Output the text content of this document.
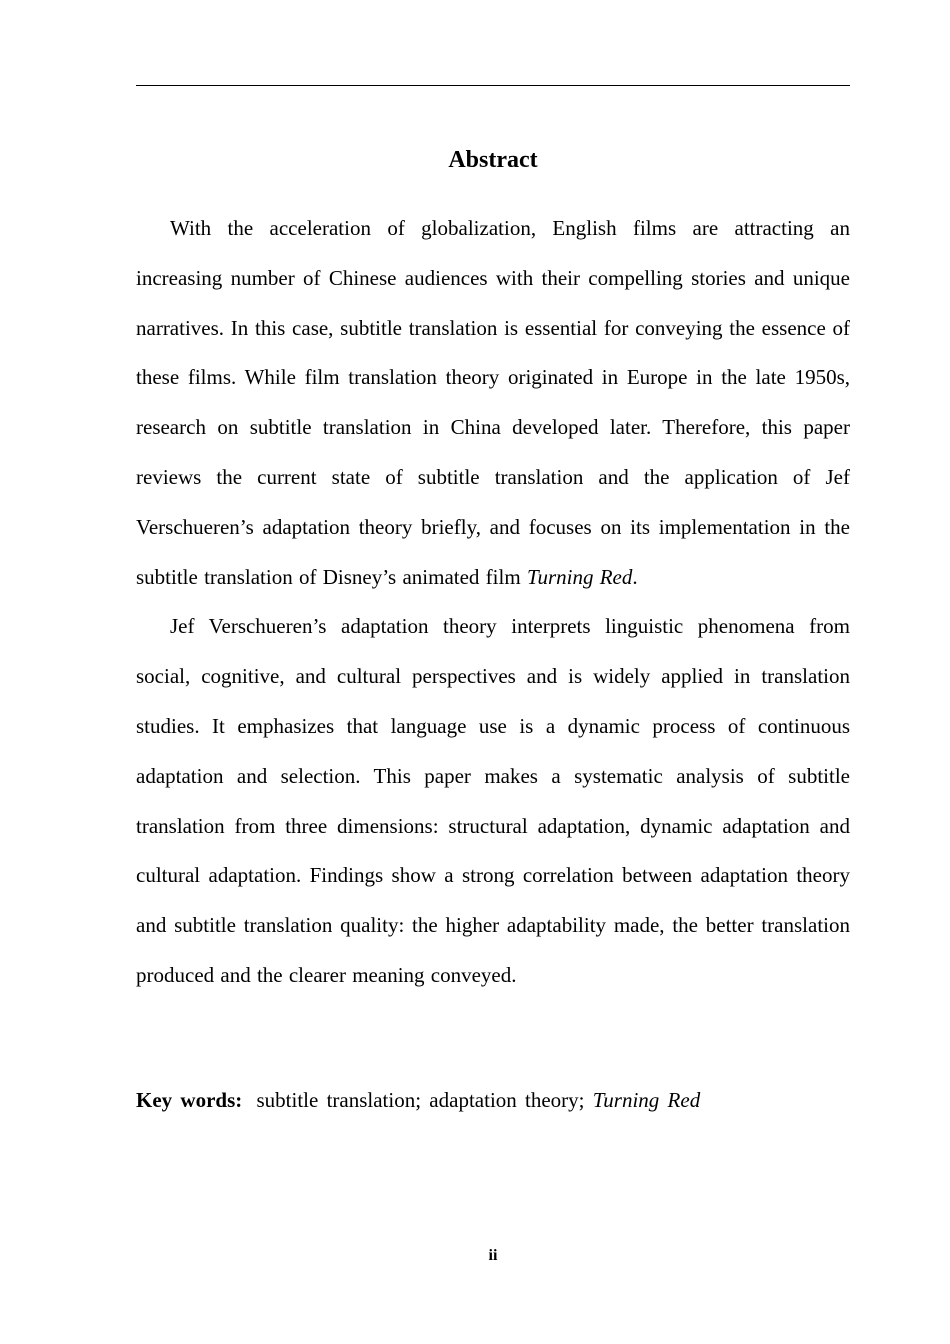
Abstract

With the acceleration of globalization, English films are attracting an increasing number of Chinese audiences with their compelling stories and unique narratives. In this case, subtitle translation is essential for conveying the essence of these films. While film translation theory originated in Europe in the late 1950s, research on subtitle translation in China developed later. Therefore, this paper reviews the current state of subtitle translation and the application of Jef Verschueren’s adaptation theory briefly, and focuses on its implementation in the subtitle translation of Disney’s animated film Turning Red.

Jef Verschueren’s adaptation theory interprets linguistic phenomena from social, cognitive, and cultural perspectives and is widely applied in translation studies. It emphasizes that language use is a dynamic process of continuous adaptation and selection. This paper makes a systematic analysis of subtitle translation from three dimensions: structural adaptation, dynamic adaptation and cultural adaptation. Findings show a strong correlation between adaptation theory and subtitle translation quality: the higher adaptability made, the better translation produced and the clearer meaning conveyed.

Key words: subtitle translation; adaptation theory; Turning Red

ii
